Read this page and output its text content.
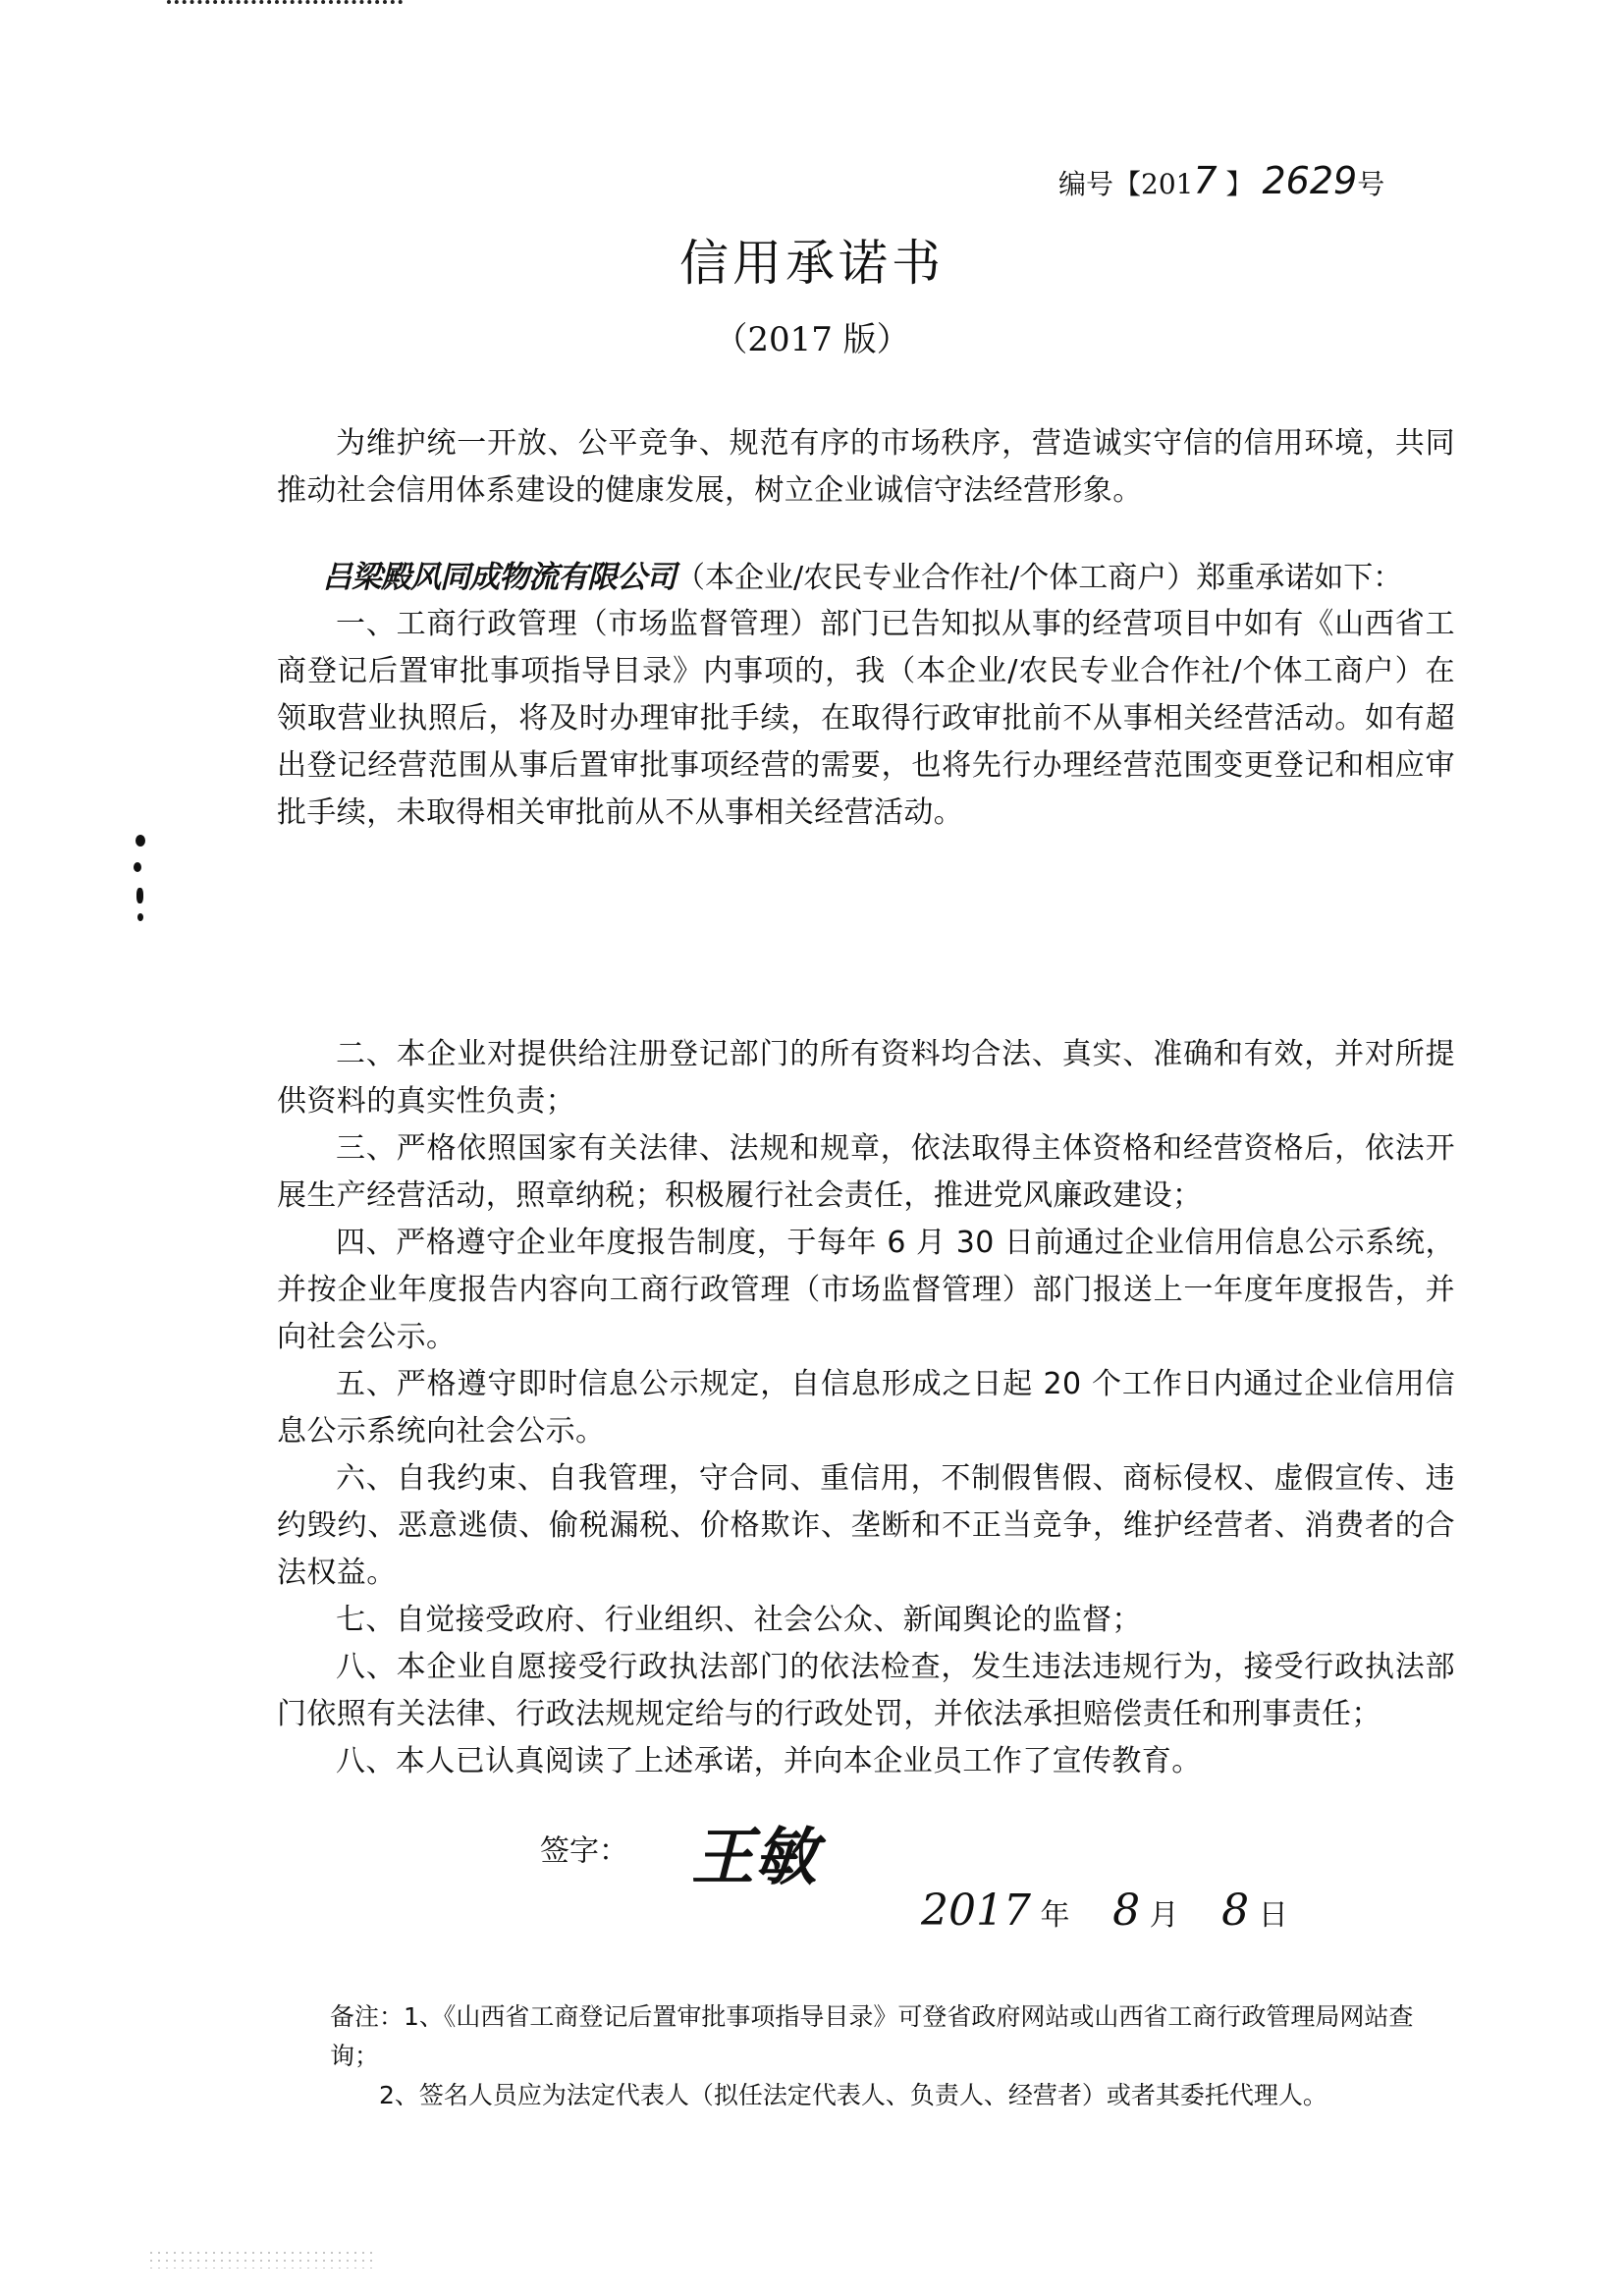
编号【2017 】 2629号
信用承诺书
（2017 版）

为维护统一开放、公平竞争、规范有序的市场秩序，营造诚实守信的信用环境，共同推动社会信用体系建设的健康发展，树立企业诚信守法经营形象。

吕梁殿风同成物流有限公司（本企业/农民专业合作社/个体工商户）郑重承诺如下：

一、工商行政管理（市场监督管理）部门已告知拟从事的经营项目中如有《山西省工商登记后置审批事项指导目录》内事项的，我（本企业/农民专业合作社/个体工商户）在领取营业执照后，将及时办理审批手续，在取得行政审批前不从事相关经营活动。如有超出登记经营范围从事后置审批事项经营的需要，也将先行办理经营范围变更登记和相应审批手续，未取得相关审批前从不从事相关经营活动。

二、本企业对提供给注册登记部门的所有资料均合法、真实、准确和有效，并对所提供资料的真实性负责；

三、严格依照国家有关法律、法规和规章，依法取得主体资格和经营资格后，依法开展生产经营活动，照章纳税；积极履行社会责任，推进党风廉政建设；

四、严格遵守企业年度报告制度，于每年 6 月 30 日前通过企业信用信息公示系统，并按企业年度报告内容向工商行政管理（市场监督管理）部门报送上一年度年度报告，并向社会公示。

五、严格遵守即时信息公示规定，自信息形成之日起 20 个工作日内通过企业信用信息公示系统向社会公示。

六、自我约束、自我管理，守合同、重信用，不制假售假、商标侵权、虚假宣传、违约毁约、恶意逃债、偷税漏税、价格欺诈、垄断和不正当竞争，维护经营者、消费者的合法权益。

七、自觉接受政府、行业组织、社会公众、新闻舆论的监督；

八、本企业自愿接受行政执法部门的依法检查，发生违法违规行为，接受行政执法部门依照有关法律、行政法规规定给与的行政处罚，并依法承担赔偿责任和刑事责任；

八、本人已认真阅读了上述承诺，并向本企业员工作了宣传教育。

签字： 王敏
2017 年 8 月 8 日

备注：1、《山西省工商登记后置审批事项指导目录》可登省政府网站或山西省工商行政管理局网站查询；

2、签名人员应为法定代表人（拟任法定代表人、负责人、经营者）或者其委托代理人。
